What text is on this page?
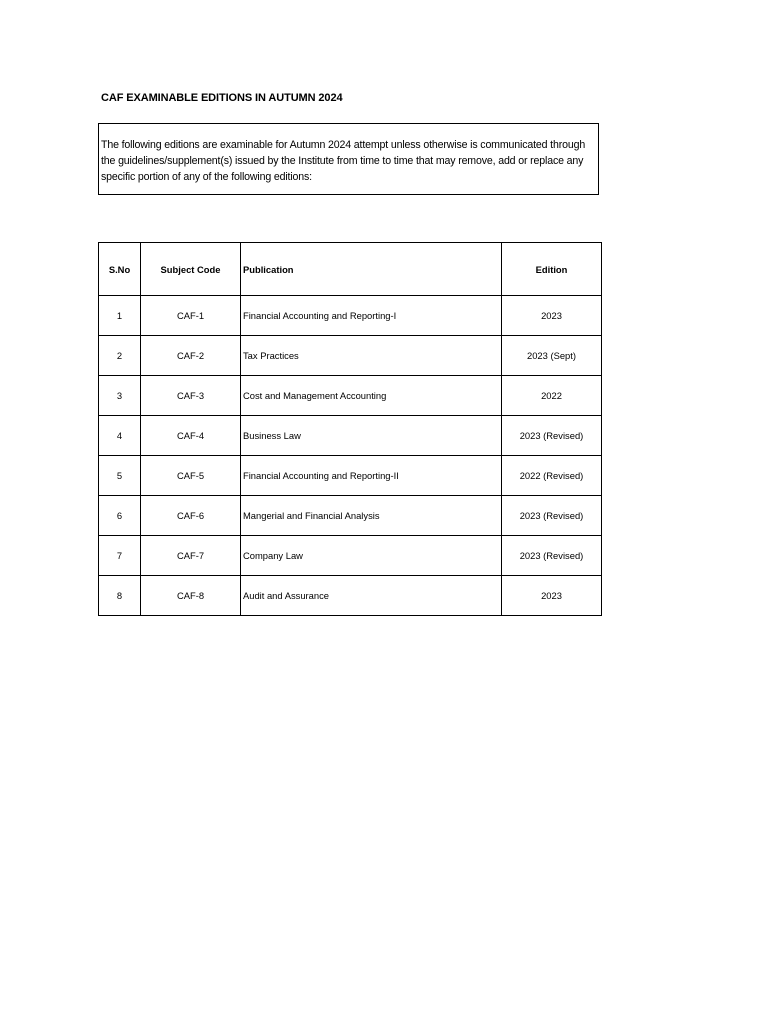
CAF EXAMINABLE EDITIONS IN AUTUMN 2024
The following editions are examinable for Autumn 2024 attempt unless otherwise is communicated through the guidelines/supplement(s) issued by the Institute from time to time that may remove, add or replace any specific portion of any of the following editions:
S.No	Subject Code	Publication	Edition
1	CAF-1	Financial Accounting and Reporting-I	2023
2	CAF-2	Tax Practices	2023 (Sept)
3	CAF-3	Cost and Management Accounting	2022
4	CAF-4	Business Law	2023 (Revised)
5	CAF-5	Financial Accounting and Reporting-II	2022 (Revised)
6	CAF-6	Mangerial and Financial Analysis	2023 (Revised)
7	CAF-7	Company Law	2023 (Revised)
8	CAF-8	Audit and Assurance	2023
